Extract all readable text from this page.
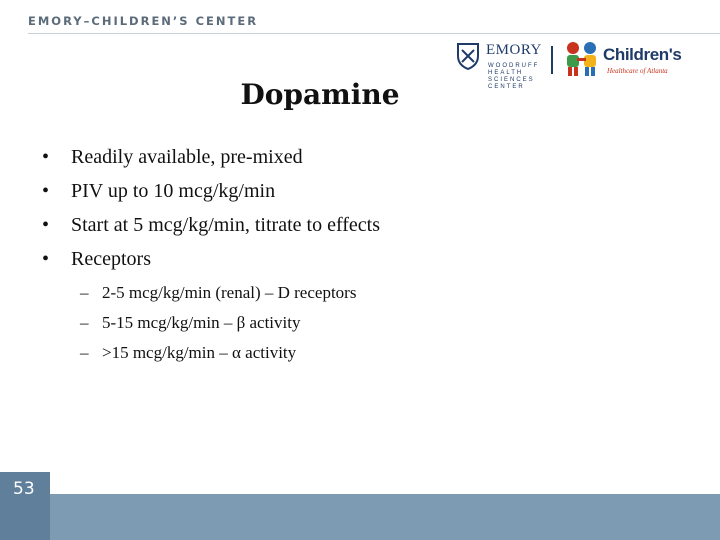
EMORY–CHILDREN’S CENTER
EMORY
WOODRUFF
HEALTH
SCIENCES
CENTER
Children's
Healthcare of Atlanta
Dopamine
• Readily available, pre-mixed
• PIV up to 10 mcg/kg/min
• Start at 5 mcg/kg/min, titrate to effects
• Receptors
– 2-5 mcg/kg/min (renal) – D receptors
– 5-15 mcg/kg/min – β activity
– >15 mcg/kg/min – α activity
53
